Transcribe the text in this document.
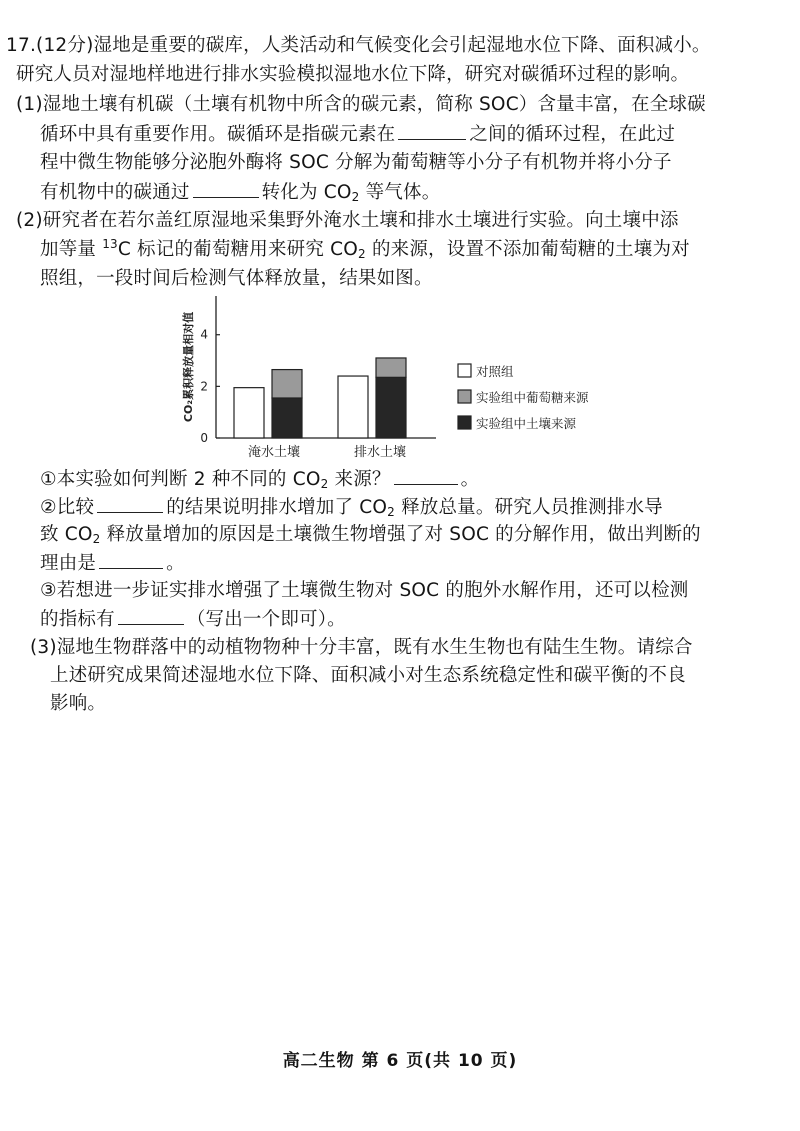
17.(12分)湿地是重要的碳库，人类活动和气候变化会引起湿地水位下降、面积减小。
研究人员对湿地样地进行排水实验模拟湿地水位下降，研究对碳循环过程的影响。
(1)湿地土壤有机碳（土壤有机物中所含的碳元素，简称 SOC）含量丰富，在全球碳
循环中具有重要作用。碳循环是指碳元素在	之间的循环过程，在此过
程中微生物能够分泌胞外酶将 SOC 分解为葡萄糖等小分子有机物并将小分子
有机物中的碳通过	转化为 $CO_2$ 等气体。
(2)研究者在若尔盖红原湿地采集野外淹水土壤和排水土壤进行实验。向土壤中添
加等量 $^{13}$C 标记的葡萄糖用来研究 $CO_2$ 的来源，设置不添加葡萄糖的土壤为对
照组，一段时间后检测气体释放量，结果如图。
0
2
4
CO₂累积释放量相对值
淹水土壤	排水土壤
对照组
实验组中葡萄糖来源
实验组中土壤来源
①本实验如何判断 2 种不同的 $CO_2$ 来源？	。
②比较	的结果说明排水增加了 $CO_2$ 释放总量。研究人员推测排水导
致 $CO_2$ 释放量增加的原因是土壤微生物增强了对 SOC 的分解作用，做出判断的
理由是	。
③若想进一步证实排水增强了土壤微生物对 SOC 的胞外水解作用，还可以检测
的指标有	（写出一个即可）。
(3)湿地生物群落中的动植物物种十分丰富，既有水生生物也有陆生生物。请综合
上述研究成果简述湿地水位下降、面积减小对生态系统稳定性和碳平衡的不良
影响。
高二生物 第 6 页(共 10 页)
